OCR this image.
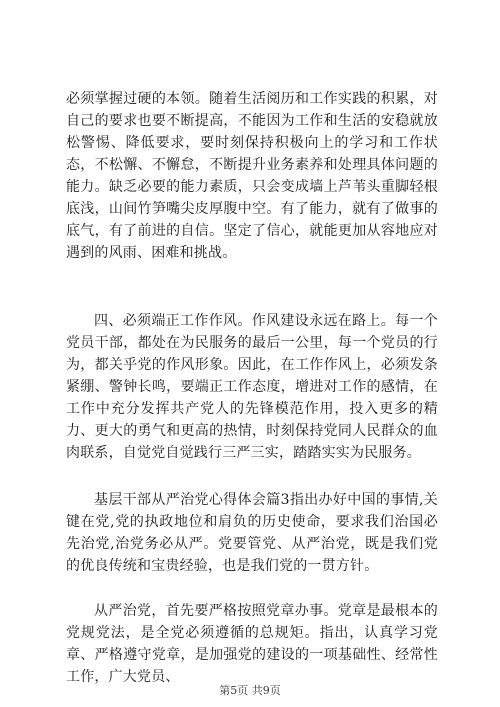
必须掌握过硬的本领。随着生活阅历和工作实践的积累，对自己的要求也要不断提高，不能因为工作和生活的安稳就放松警惕、降低要求，要时刻保持积极向上的学习和工作状态，不松懈、不懈怠，不断提升业务素养和处理具体问题的能力。缺乏必要的能力素质，只会变成墙上芦苇头重脚轻根底浅，山间竹笋嘴尖皮厚腹中空。有了能力，就有了做事的底气，有了前进的自信。坚定了信心，就能更加从容地应对遇到的风雨、困难和挑战。

四、必须端正工作作风。作风建设永远在路上。每一个党员干部，都处在为民服务的最后一公里，每一个党员的行为，都关乎党的作风形象。因此，在工作作风上，必须发条紧绷、警钟长鸣，要端正工作态度，增进对工作的感情，在工作中充分发挥共产党人的先锋模范作用，投入更多的精力、更大的勇气和更高的热情，时刻保持党同人民群众的血肉联系，自觉党自觉践行三严三实，踏踏实实为民服务。

基层干部从严治党心得体会篇3指出办好中国的事情,关键在党,党的执政地位和肩负的历史使命，要求我们治国必先治党,治党务必从严。党要管党、从严治党，既是我们党的优良传统和宝贵经验，也是我们党的一贯方针。

从严治党，首先要严格按照党章办事。党章是最根本的党规党法，是全党必须遵循的总规矩。指出，认真学习党章、严格遵守党章，是加强党的建设的一项基础性、经常性工作，广大党员、

第5页 共9页
